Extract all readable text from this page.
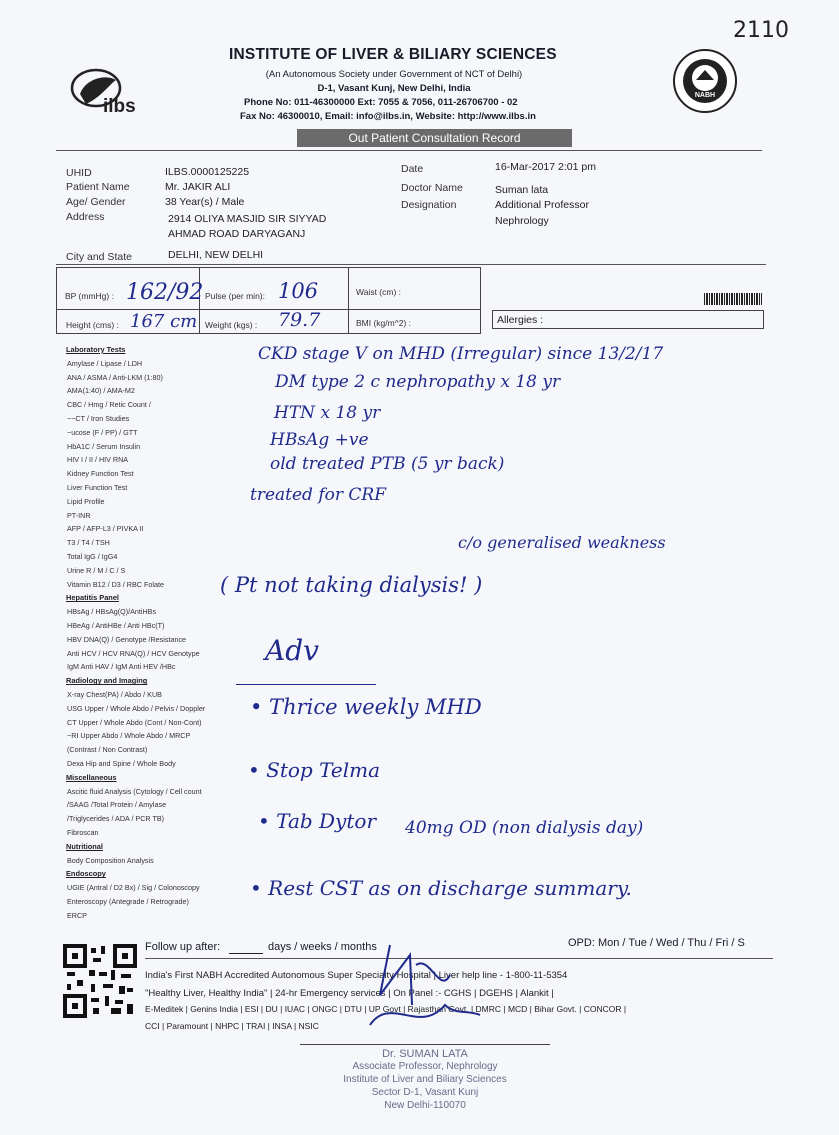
2110
ilbs
INSTITUTE OF LIVER & BILIARY SCIENCES
(An Autonomous Society under Government of NCT of Delhi)
D-1, Vasant Kunj, New Delhi, India
Phone No: 011-46300000 Ext: 7055 & 7056, 011-26706700 - 02
Fax No: 46300010, Email: info@ilbs.in, Website: http://www.ilbs.in
NABH
Out Patient Consultation Record
UHID	ILBS.0000125225
Patient Name	Mr. JAKIR ALI
Age/ Gender	38 Year(s) / Male
Address	2914 OLIYA MASJID SIR SIYYAD
AHMAD ROAD DARYAGANJ
City and State	DELHI, NEW DELHI
Date	16-Mar-2017 2:01 pm
Doctor Name	Suman lata
Designation	Additional Professor
Nephrology
BP (mmHg) : 162/92 Pulse (per min): 106	Waist (cm) :
Height (cms) : 167 cm Weight (kgs) : 79.7	BMI (kg/m^2) :	Allergies :
Laboratory Tests
Amylase / Lipase / LDH
ANA / ASMA / Anti-LKM (1:80)
AMA(1:40) / AMA-M2
CBC / Hmg / Retic Count /
−−CT / Iron Studies
−ucose (F / PP) / GTT
HbA1C / Serum Insulin
HIV I / II / HIV RNA
Kidney Function Test
Liver Function Test
Lipid Profile
PT-INR
AFP / AFP-L3 / PIVKA II
T3 / T4 / TSH
Total IgG / IgG4
Urine R / M / C / S
Vitamin B12 / D3 / RBC Folate
Hepatitis Panel
HBsAg / HBsAg(Q)/AntiHBs
HBeAg / AntiHBe / Anti HBc(T)
HBV DNA(Q) / Genotype /Resistance
Anti HCV / HCV RNA(Q) / HCV Genotype
IgM Anti HAV / IgM Anti HEV /HBc
Radiology and Imaging
X-ray Chest(PA) / Abdo / KUB
USG Upper / Whole Abdo / Pelvis / Doppler
CT Upper / Whole Abdo (Cont / Non-Cont)
−RI Upper Abdo / Whole Abdo / MRCP
(Contrast / Non Contrast)
Dexa Hip and Spine / Whole Body
Miscellaneous
Ascitic fluid Analysis (Cytology / Cell count
/SAAG /Total Protein / Amylase
/Triglycerides / ADA / PCR TB)
Fibroscan
Nutritional
Body Composition Analysis
Endoscopy
UGIE (Antral / D2 Bx) / Sig / Colonoscopy
Enteroscopy (Antegrade / Retrograde)
ERCP
CKD stage V on MHD (Irregular) since 13/2/17
DM type 2 c nephropathy x 18 yr
HTN x 18 yr
HBsAg +ve
old treated PTB (5 yr back)
treated for CRF
c/o generalised weakness
( Pt not taking dialysis! )
Adv
• Thrice weekly MHD
• Stop Telma
• Tab Dytor 40mg OD (non dialysis day)
• Rest CST as on discharge summary.
Follow up after:	days / weeks / months	OPD: Mon / Tue / Wed / Thu / Fri / S
India's First NABH Accredited Autonomous Super Specialty Hospital | Liver help line - 1-800-11-5354
"Healthy Liver, Healthy India" | 24-hr Emergency services | On Panel :- CGHS | DGEHS | Alankit |
E-Meditek | Genins India | ESI | DU | IUAC | ONGC | DTU | UP Govt | Rajasthan Govt. | DMRC | MCD | Bihar Govt. | CONCOR |
CCI | Paramount | NHPC | TRAI | INSA | NSIC
Dr. SUMAN LATA
Associate Professor, Nephrology
Institute of Liver and Biliary Sciences
Sector D-1, Vasant Kunj
New Delhi-110070
